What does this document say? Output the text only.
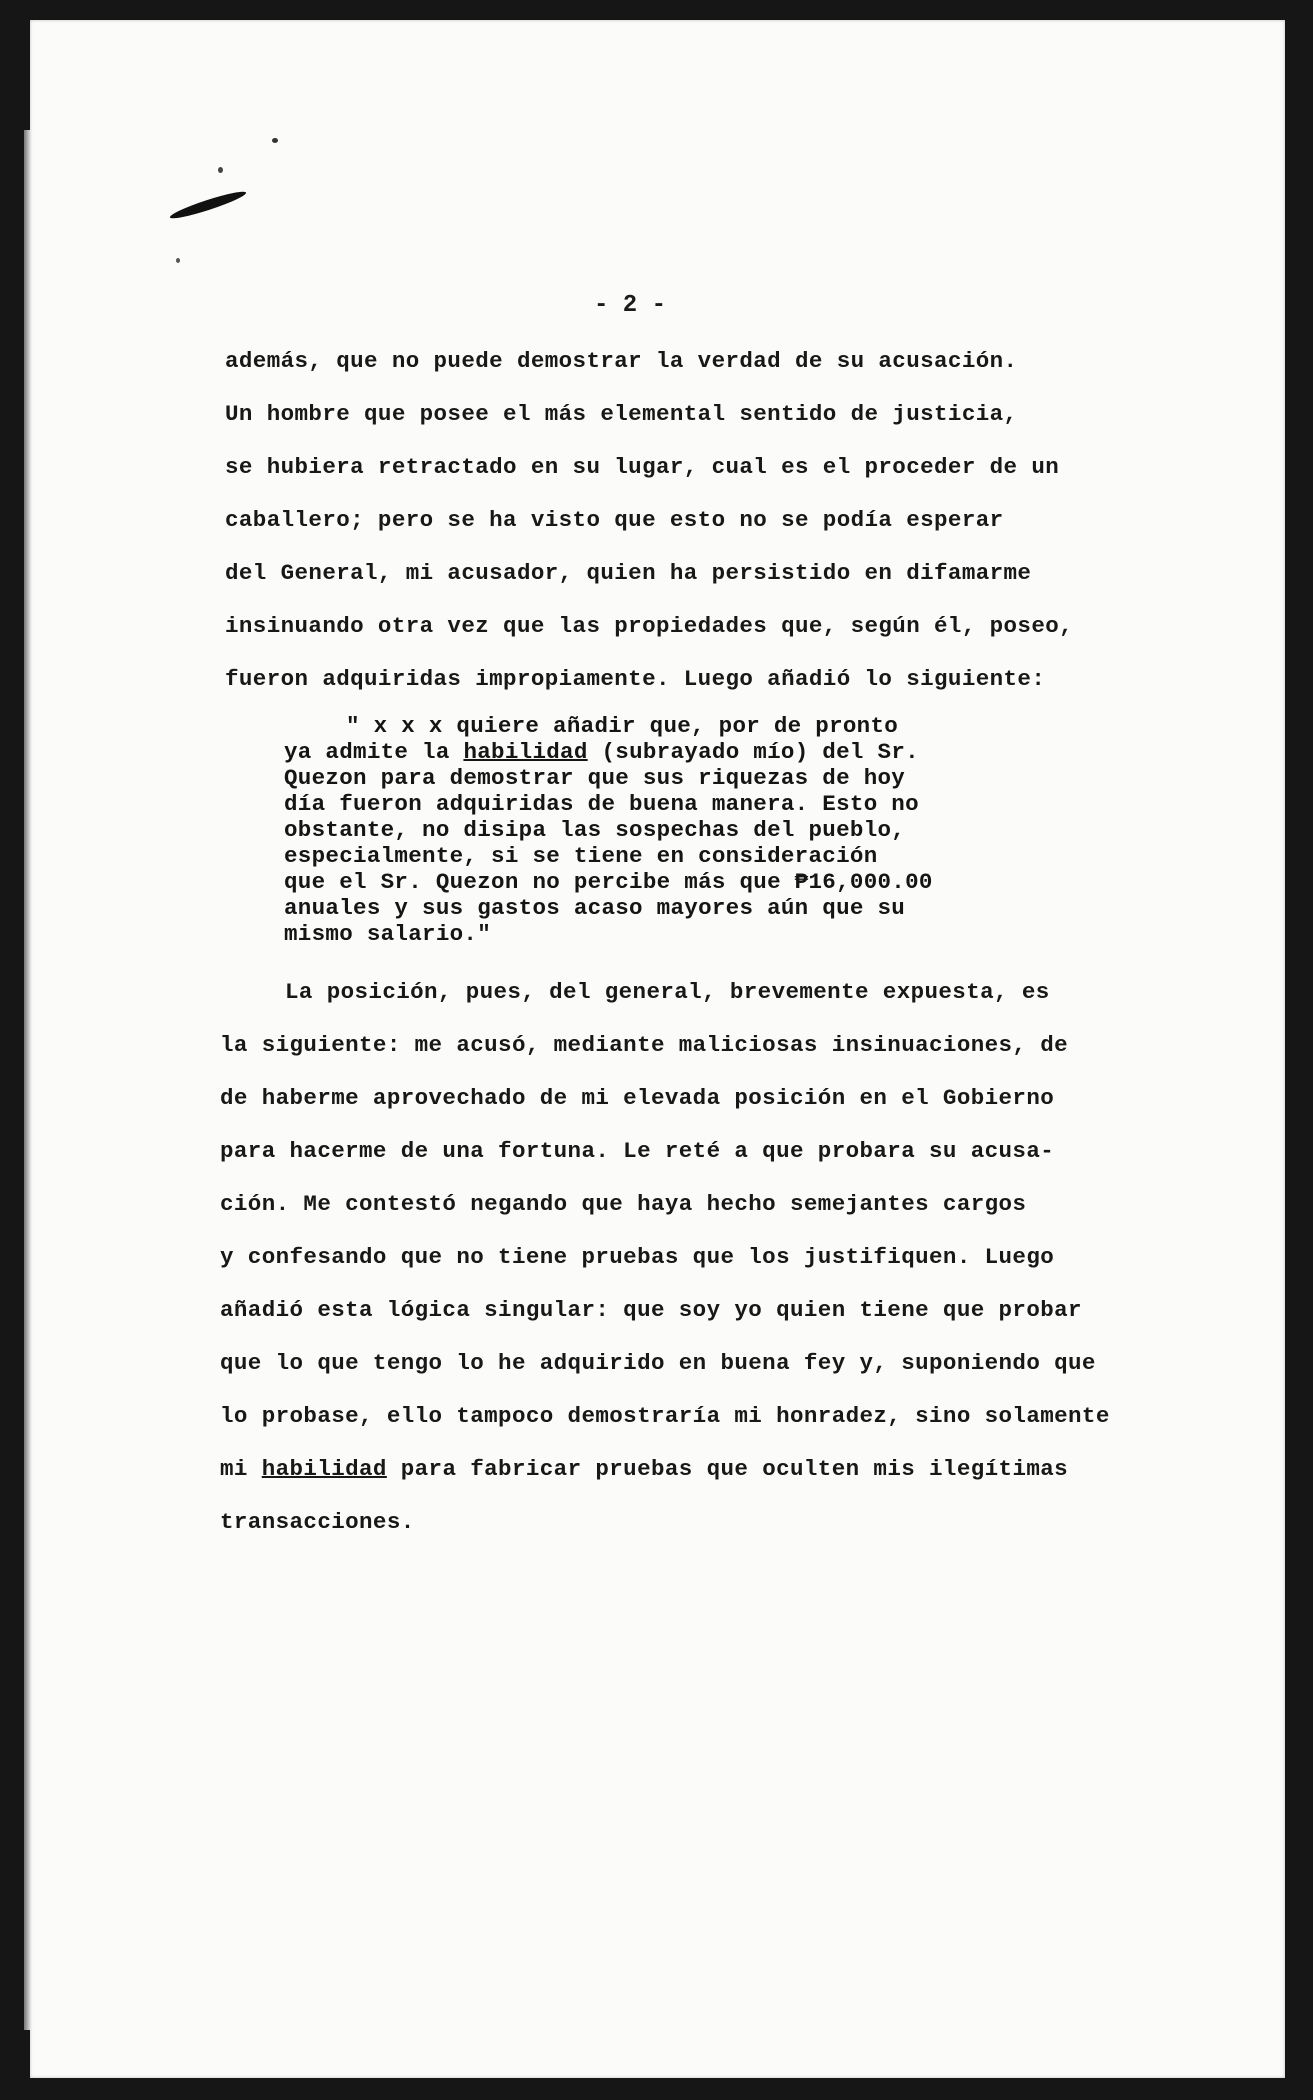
- 2 -
además, que no puede demostrar la verdad de su acusación.
Un hombre que posee el más elemental sentido de justicia,
se hubiera retractado en su lugar, cual es el proceder de un
caballero; pero se ha visto que esto no se podía esperar
del General, mi acusador, quien ha persistido en difamarme
insinuando otra vez que las propiedades que, según él, poseo,
fueron adquiridas impropiamente. Luego añadió lo siguiente:
" x x x quiere añadir que, por de pronto
ya admite la habilidad (subrayado mío) del Sr.
Quezon para demostrar que sus riquezas de hoy
día fueron adquiridas de buena manera. Esto no
obstante, no disipa las sospechas del pueblo,
especialmente, si se tiene en consideración
que el Sr. Quezon no percibe más que ₱16,000.00
anuales y sus gastos acaso mayores aún que su
mismo salario."
La posición, pues, del general, brevemente expuesta, es
la siguiente: me acusó, mediante maliciosas insinuaciones, de
de haberme aprovechado de mi elevada posición en el Gobierno
para hacerme de una fortuna. Le reté a que probara su acusa-
ción. Me contestó negando que haya hecho semejantes cargos
y confesando que no tiene pruebas que los justifiquen. Luego
añadió esta lógica singular: que soy yo quien tiene que probar
que lo que tengo lo he adquirido en buena fey y, suponiendo que
lo probase, ello tampoco demostraría mi honradez, sino solamente
mi habilidad para fabricar pruebas que oculten mis ilegítimas
transacciones.
